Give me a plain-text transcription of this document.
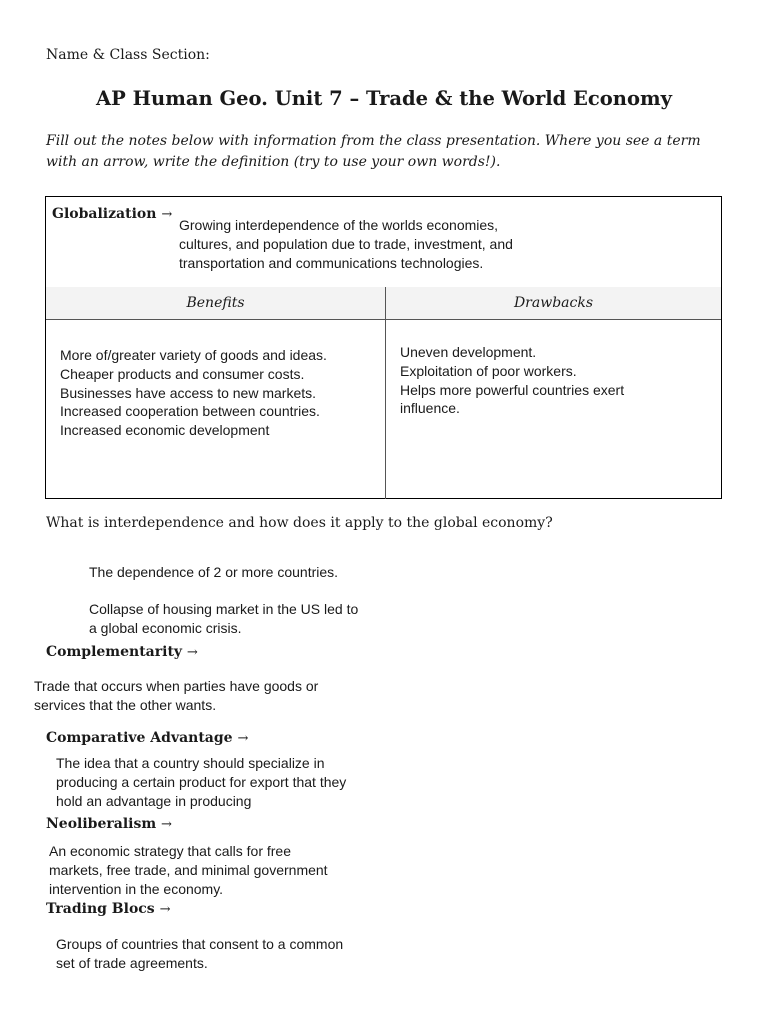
Name & Class Section:
AP Human Geo. Unit 7 – Trade & the World Economy
Fill out the notes below with information from the class presentation. Where you see a term with an arrow, write the definition (try to use your own words!).
Globalization →
Growing interdependence of the worlds economies,
cultures, and population due to trade, investment, and
transportation and communications technologies.
Benefits	Drawbacks
More of/greater variety of goods and ideas.
Cheaper products and consumer costs.
Businesses have access to new markets.
Increased cooperation between countries.
Increased economic development
Uneven development.
Exploitation of poor workers.
Helps more powerful countries exert
influence.
What is interdependence and how does it apply to the global economy?
The dependence of 2 or more countries.
Collapse of housing market in the US led to
a global economic crisis.
Complementarity →
Trade that occurs when parties have goods or
services that the other wants.
Comparative Advantage →
The idea that a country should specialize in
producing a certain product for export that they
hold an advantage in producing
Neoliberalism →
An economic strategy that calls for free
markets, free trade, and minimal government
intervention in the economy.
Trading Blocs →
Groups of countries that consent to a common
set of trade agreements.
